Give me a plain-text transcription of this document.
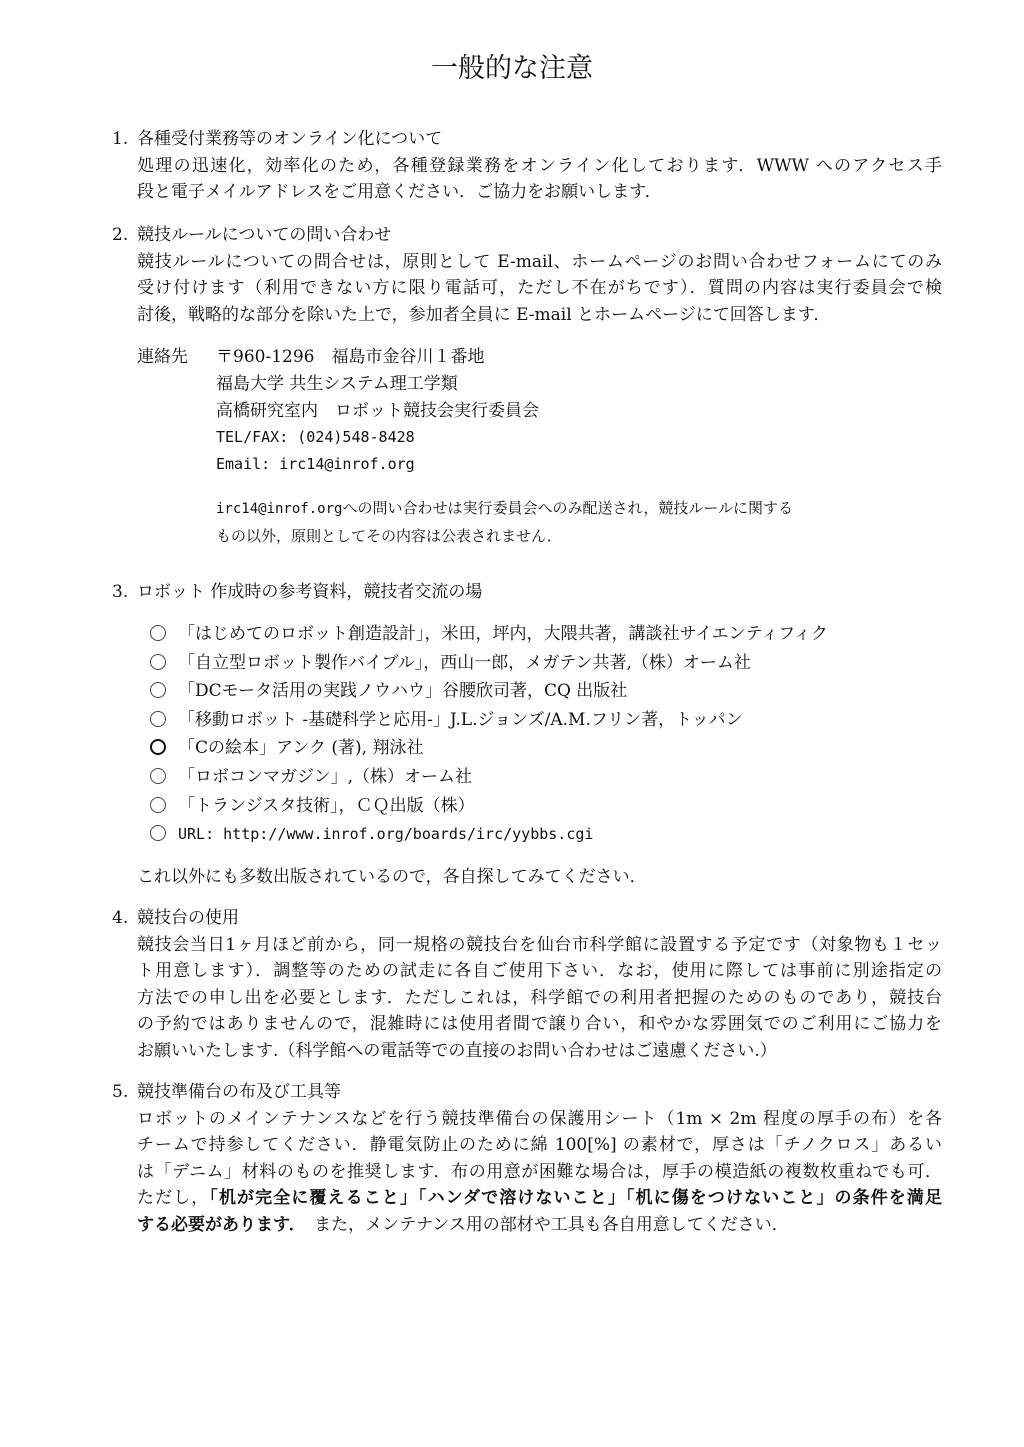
一般的な注意
1. 各種受付業務等のオンライン化について
処理の迅速化，効率化のため，各種登録業務をオンライン化しております．WWW へのアクセス手
段と電子メイルアドレスをご用意ください．ご協力をお願いします．
2. 競技ルールについての問い合わせ
競技ルールについての問合せは，原則として E-mail、ホームページのお問い合わせフォームにてのみ
受け付けます（利用できない方に限り電話可，ただし不在がちです）．質問の内容は実行委員会で検
討後，戦略的な部分を除いた上で，参加者全員に E-mail とホームページにて回答します．
連絡先 〒960-1296　福島市金谷川１番地
福島大学 共生システム理工学類
高橋研究室内　ロボット競技会実行委員会
TEL/FAX: (024)548-8428
Email: irc14@inrof.org
irc14@inrof.orgへの問い合わせは実行委員会へのみ配送され，競技ルールに関する
もの以外，原則としてその内容は公表されません．
3. ロボット 作成時の参考資料，競技者交流の場
「はじめてのロボット創造設計」，米田，坪内，大隈共著，講談社サイエンティフィク
「自立型ロボット製作バイブル」，西山一郎，メガテン共著,（株）オーム社
「DCモータ活用の実践ノウハウ」谷腰欣司著，CQ 出版社
「移動ロボット -基礎科学と応用-」J.L.ジョンズ/A.M.フリン著，トッパン
「Cの絵本」アンク (著), 翔泳社
「ロボコンマガジン」,（株）オーム社
「トランジスタ技術」，ＣＱ出版（株）
URL: http://www.inrof.org/boards/irc/yybbs.cgi
これ以外にも多数出版されているので，各自探してみてください．
4. 競技台の使用
競技会当日1ヶ月ほど前から，同一規格の競技台を仙台市科学館に設置する予定です（対象物も１セッ
ト用意します）．調整等のための試走に各自ご使用下さい．なお，使用に際しては事前に別途指定の
方法での申し出を必要とします．ただしこれは，科学館での利用者把握のためのものであり，競技台
の予約ではありませんので，混雑時には使用者間で譲り合い，和やかな雰囲気でのご利用にご協力を
お願いいたします.（科学館への電話等での直接のお問い合わせはご遠慮ください.）
5. 競技準備台の布及び工具等
ロボットのメインテナンスなどを行う競技準備台の保護用シート（1m × 2m 程度の厚手の布）を各
チームで持参してください．静電気防止のために綿 100[%] の素材で，厚さは「チノクロス」あるい
は「デニム」材料のものを推奨します．布の用意が困難な場合は，厚手の模造紙の複数枚重ねでも可．
ただし，「机が完全に覆えること」「ハンダで溶けないこと」「机に傷をつけないこと」の条件を満足
する必要があります．　 また，メンテナンス用の部材や工具も各自用意してください．
